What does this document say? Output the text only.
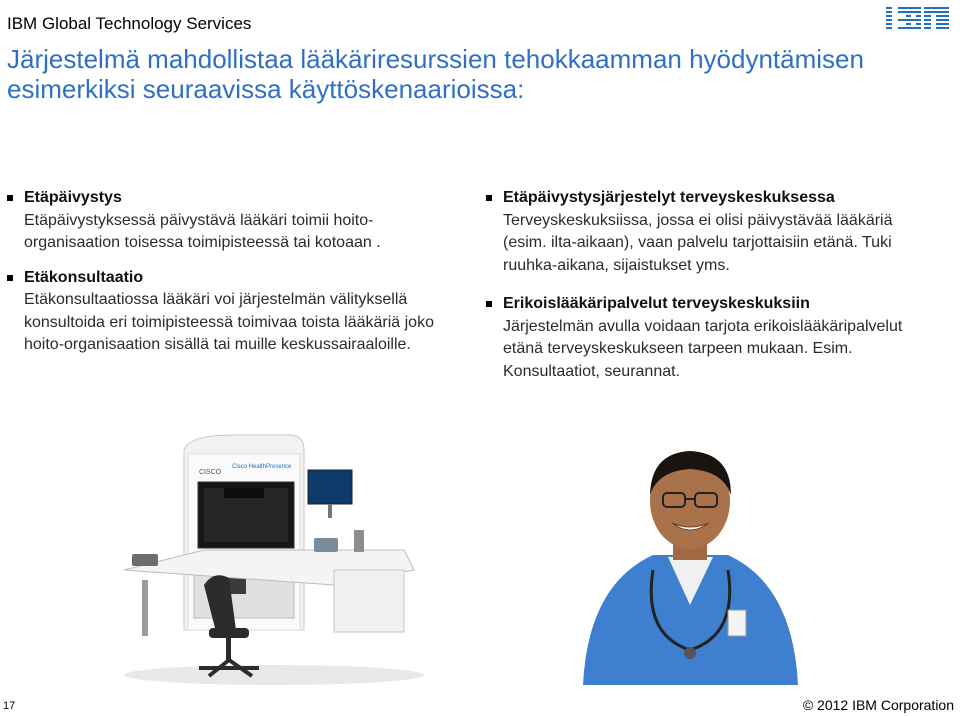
IBM Global Technology Services
Järjestelmä mahdollistaa lääkäriresurssien tehokkaamman hyödyntämisen esimerkiksi seuraavissa käyttöskenaarioissa:
Etäpäivystys
Etäpäivystyksessä päivystävä lääkäri toimii hoito-organisaation toisessa toimipisteessä tai kotoaan .
Etäkonsultaatio
Etäkonsultaatiossa lääkäri voi järjestelmän välityksellä konsultoida eri toimipisteessä toimivaa toista lääkäriä joko hoito-organisaation sisällä tai muille keskussairaaloille.
Etäpäivystysjärjestelyt terveyskeskuksessa
Terveyskeskuksiissa, jossa ei olisi päivystävää lääkäriä (esim. ilta-aikaan), vaan palvelu tarjottaisiin etänä. Tuki ruuhka-aikana, sijaistukset yms.
Erikoislääkäripalvelut terveyskeskuksiin
Järjestelmän avulla voidaan tarjota erikoislääkäripalvelut etänä terveyskeskukseen tarpeen mukaan. Esim. Konsultaatiot, seurannat.
CISCO
Cisco HealthPresence
17	© 2012 IBM Corporation
